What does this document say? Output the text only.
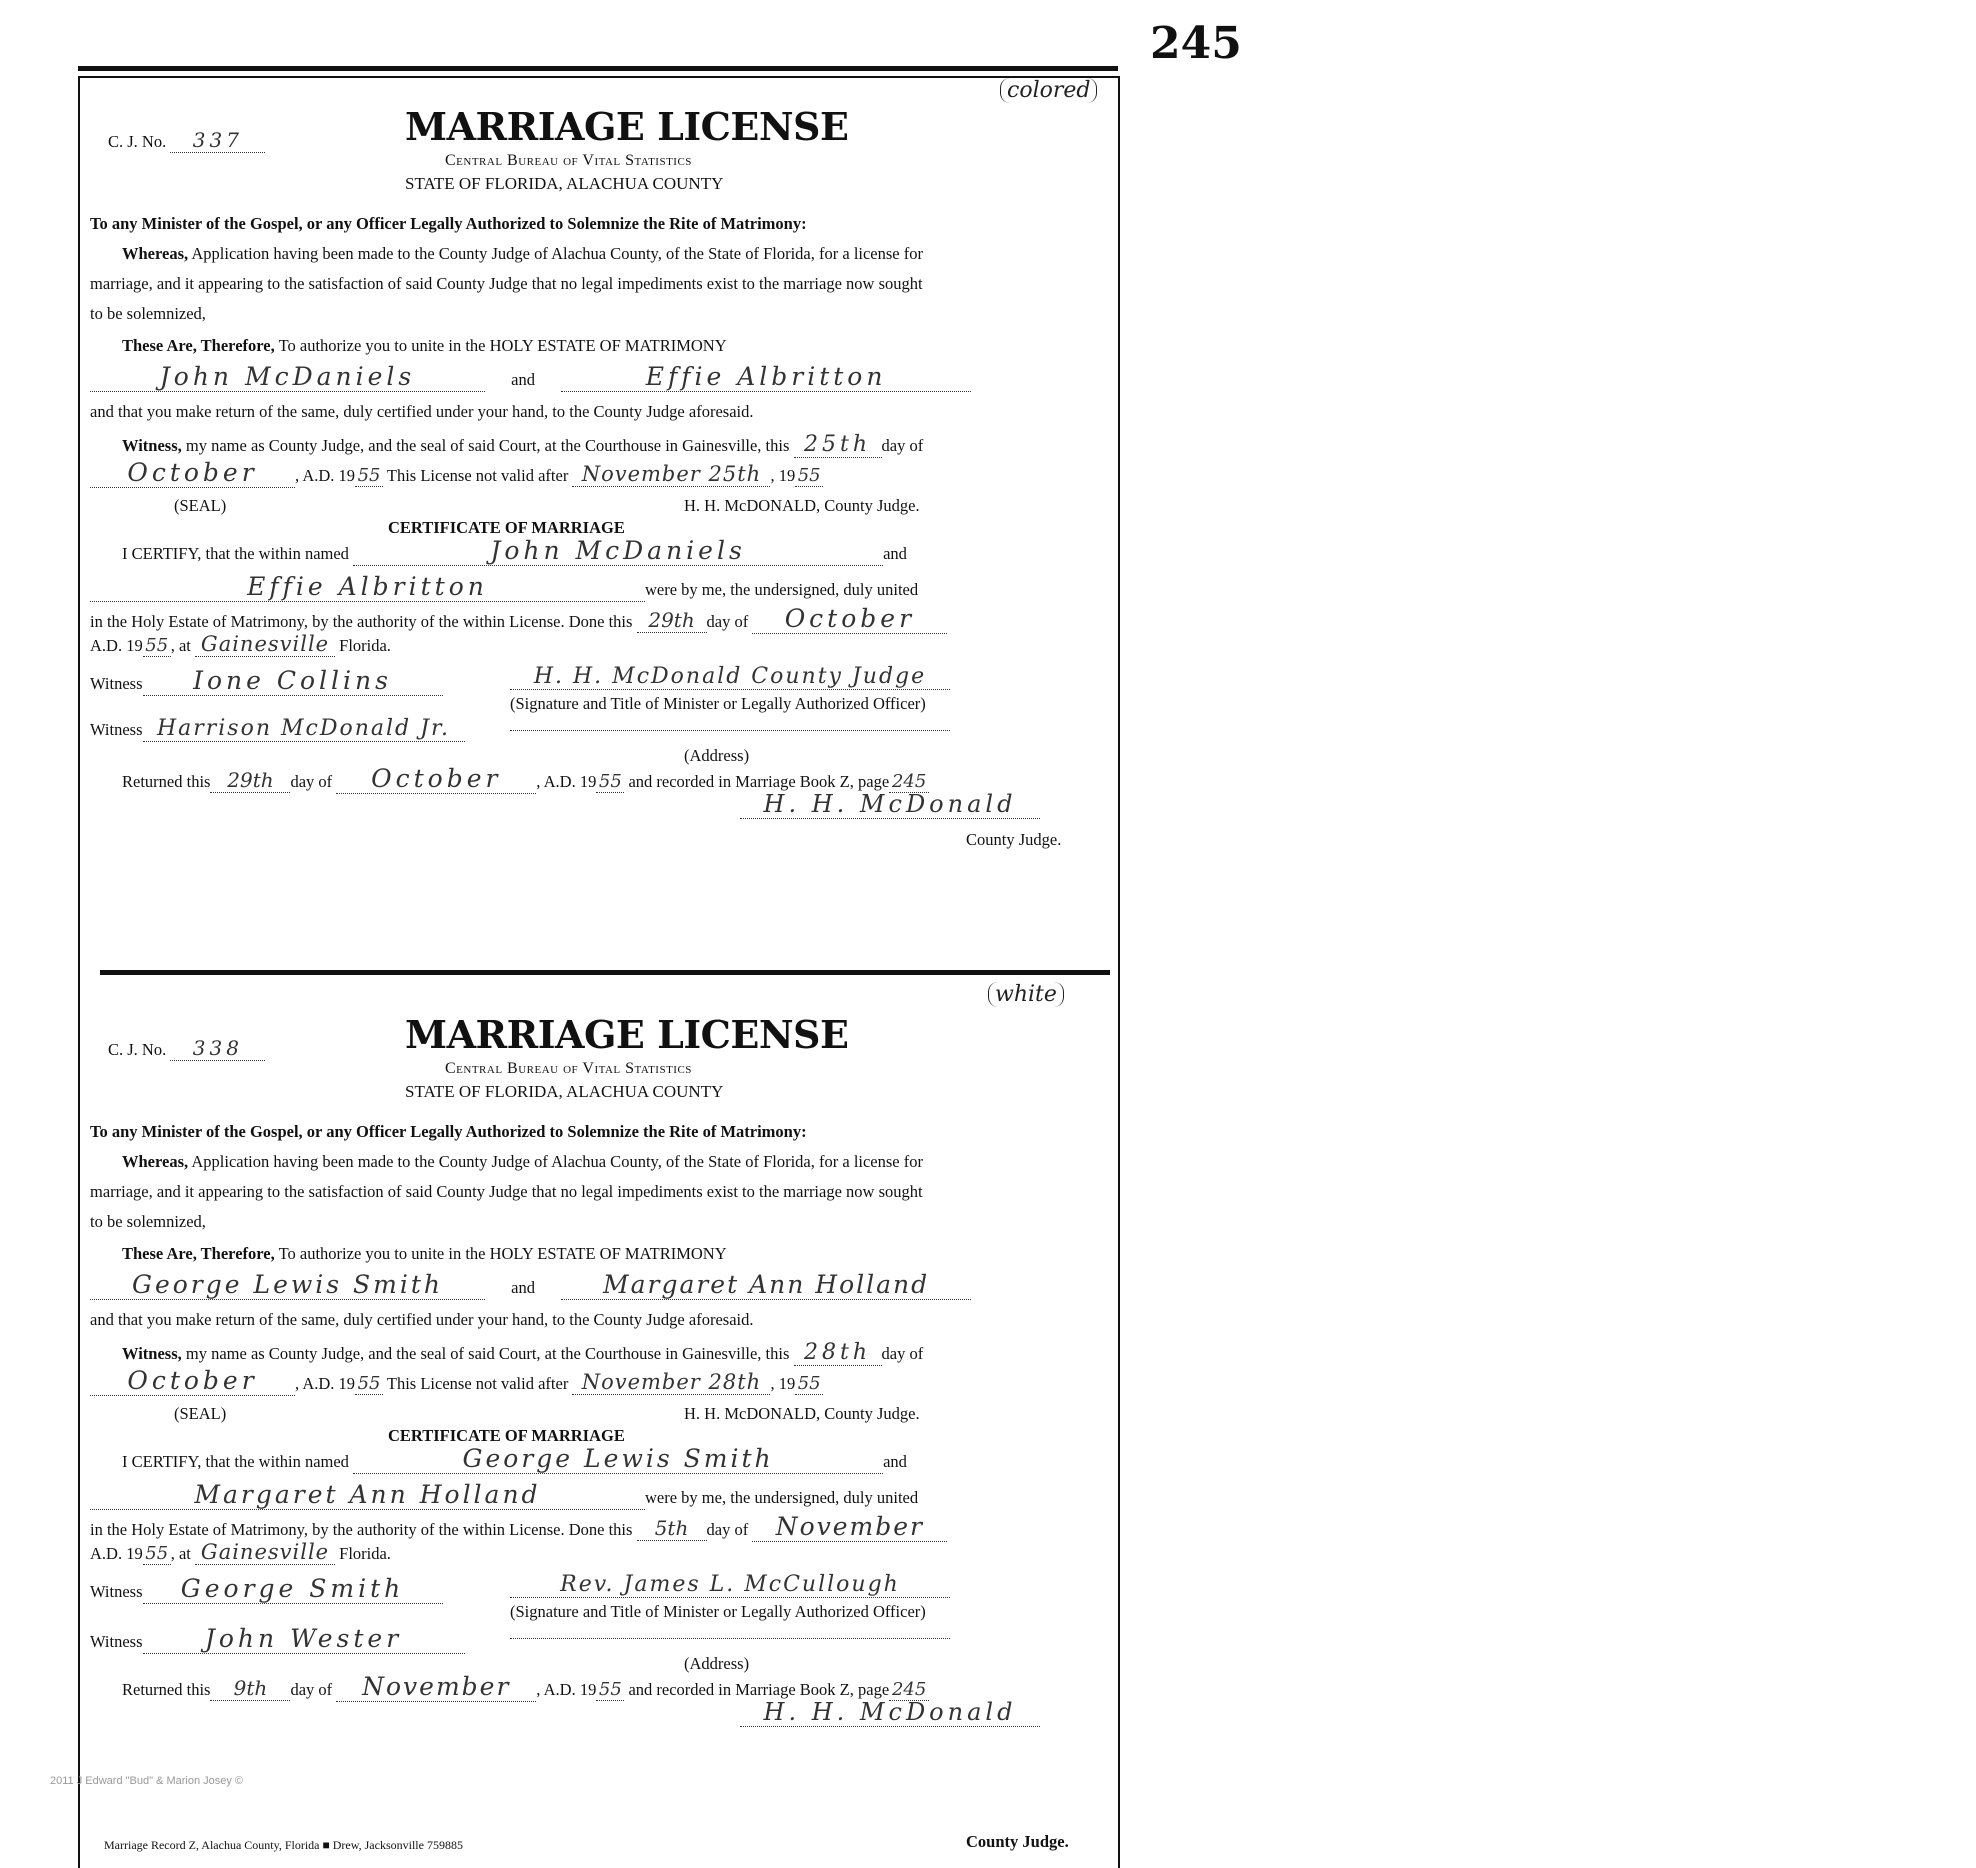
245
colored
C. J. No. 337	MARRIAGE LICENSE
Central Bureau of Vital Statistics
STATE OF FLORIDA, ALACHUA COUNTY
To any Minister of the Gospel, or any Officer Legally Authorized to Solemnize the Rite of Matrimony:
Whereas, Application having been made to the County Judge of Alachua County, of the State of Florida, for a license for
marriage, and it appearing to the satisfaction of said County Judge that no legal impediments exist to the marriage now sought
to be solemnized,
These Are, Therefore, To authorize you to unite in the HOLY ESTATE OF MATRIMONY
John McDaniels	and	Effie Albritton
and that you make return of the same, duly certified under your hand, to the County Judge aforesaid.
Witness, my name as County Judge, and the seal of said Court, at the Courthouse in Gainesville, this 25th day of
October , A.D. 19 55 This License not valid after November 25th , 19 55
(SEAL)	H. H. McDONALD, County Judge.
CERTIFICATE OF MARRIAGE
I CERTIFY, that the within named	John McDaniels	and
Effie Albritton	were by me, the undersigned, duly united
in the Holy Estate of Matrimony, by the authority of the within License. Done this 29th day of October
A.D. 19 55 , at Gainesville Florida.
Witness Ione Collins	H. H. McDonald County Judge
(Signature and Title of Minister or Legally Authorized Officer)
Witness Harrison McDonald Jr.
(Address)
Returned this 29th day of October , A.D. 19 55 and recorded in Marriage Book Z, page 245
H. H. McDonald
County Judge.
white
C. J. No. 338	MARRIAGE LICENSE
Central Bureau of Vital Statistics
STATE OF FLORIDA, ALACHUA COUNTY
To any Minister of the Gospel, or any Officer Legally Authorized to Solemnize the Rite of Matrimony:
Whereas, Application having been made to the County Judge of Alachua County, of the State of Florida, for a license for
marriage, and it appearing to the satisfaction of said County Judge that no legal impediments exist to the marriage now sought
to be solemnized,
These Are, Therefore, To authorize you to unite in the HOLY ESTATE OF MATRIMONY
George Lewis Smith	and	Margaret Ann Holland
and that you make return of the same, duly certified under your hand, to the County Judge aforesaid.
Witness, my name as County Judge, and the seal of said Court, at the Courthouse in Gainesville, this 28th day of
October , A.D. 19 55 This License not valid after November 28th , 19 55
(SEAL)	H. H. McDONALD, County Judge.
CERTIFICATE OF MARRIAGE
I CERTIFY, that the within named	George Lewis Smith	and
Margaret Ann Holland	were by me, the undersigned, duly united
in the Holy Estate of Matrimony, by the authority of the within License. Done this 5th day of November
A.D. 19 55 , at Gainesville Florida.
Witness George Smith	Rev. James L. McCullough
(Signature and Title of Minister or Legally Authorized Officer)
Witness John Wester
(Address)
Returned this 9th day of November , A.D. 19 55 and recorded in Marriage Book Z, page 245
H. H. McDonald
County Judge.
2011 J Edward "Bud" & Marion Josey ©
Marriage Record Z, Alachua County, Florida ■ Drew, Jacksonville 759885
